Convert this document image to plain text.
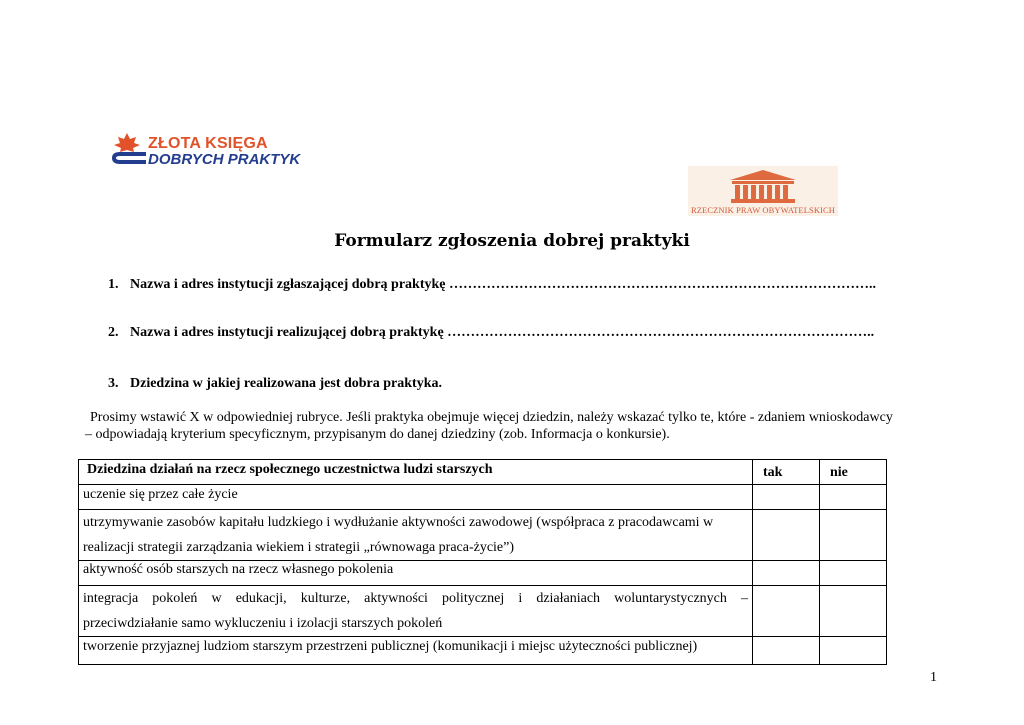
ZŁOTA KSIĘGA
DOBRYCH PRAKTYK
RZECZNIK PRAW OBYWATELSKICH
Formularz zgłoszenia dobrej praktyki
1. Nazwa i adres instytucji zgłaszającej dobrą praktykę ………………………………………………………………………………..
2. Nazwa i adres instytucji realizującej dobrą praktykę ………………………………………………………………………………..
3. Dziedzina w jakiej realizowana jest dobra praktyka.

Prosimy wstawić X w odpowiedniej rubryce. Jeśli praktyka obejmuje więcej dziedzin, należy wskazać tylko te, które - zdaniem wnioskodawcy

– odpowiadają kryterium specyficznym, przypisanym do danej dziedziny (zob. Informacja o konkursie).

Dziedzina działań na rzecz społecznego uczestnictwa ludzi starszych	tak	nie
uczenie się przez całe życie		

utrzymywanie zasobów kapitału ludzkiego i wydłużanie aktywności zawodowej (współpraca z pracodawcami w
realizacji strategii zarządzania wiekiem i strategii „równowaga praca-życie”)		

aktywność osób starszych na rzecz własnego pokolenia		

integracja pokoleń w edukacji, kulturze, aktywności politycznej i działaniach woluntarystycznych –
przeciwdziałanie samo wykluczeniu i izolacji starszych pokoleń		

tworzenie przyjaznej ludziom starszym przestrzeni publicznej (komunikacji i miejsc użyteczności publicznej)		
1
